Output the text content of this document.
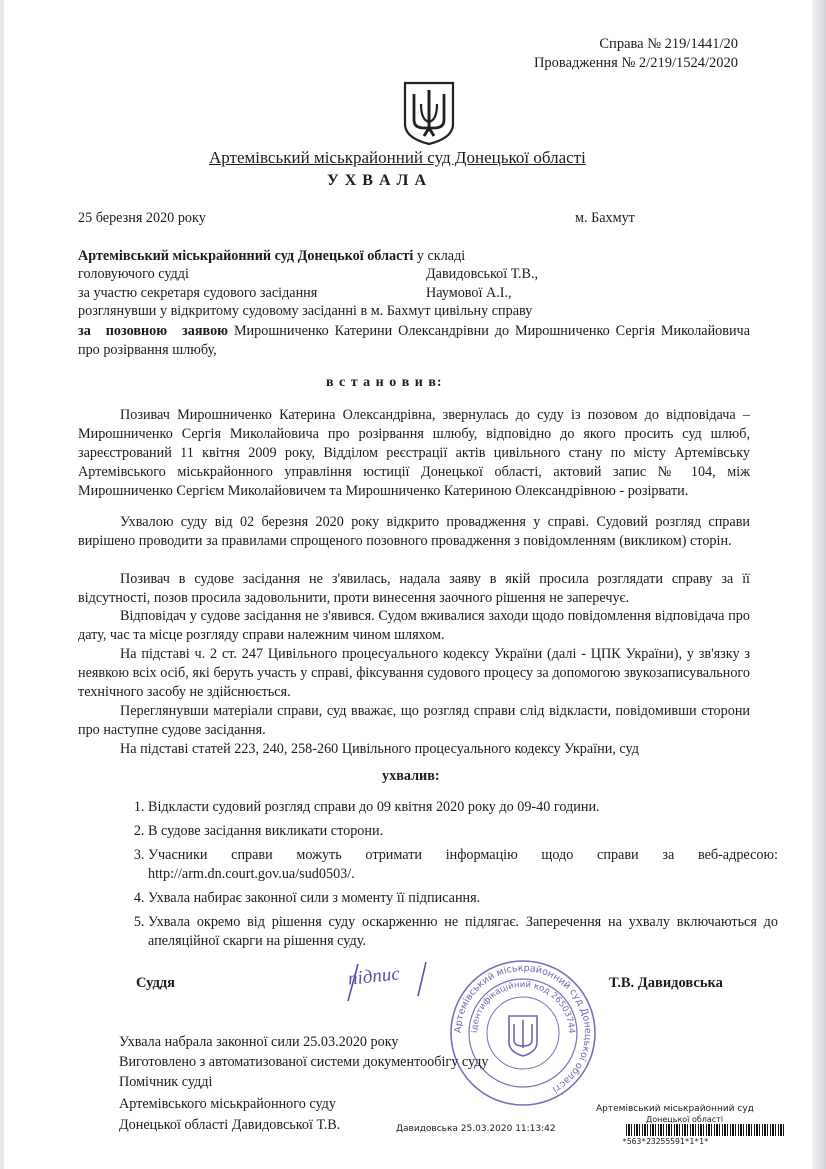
Справа № 219/1441/20
Провадження № 2/219/1524/2020
Артемівський міськрайонний суд Донецької області
У Х В А Л А
25 березня 2020 року	м. Бахмут
Артемівський міськрайонний суд Донецької області у складі
головуючого судді	Давидовської Т.В.,
за участю секретаря судового засідання	Наумової А.І.,
розглянувши у відкритому судовому засіданні в м. Бахмут цивільну справу
за позовною заявою Мирошниченко Катерини Олександрівни до Мирошниченко Сергія Миколайовича про розірвання шлюбу,
в с т а н о в и в:
Позивач Мирошниченко Катерина Олександрівна, звернулась до суду із позовом до відповідача – Мирошниченко Сергія Миколайовича про розірвання шлюбу, відповідно до якого просить суд шлюб, зареєстрований 11 квітня 2009 року, Відділом реєстрації актів цивільного стану по місту Артемівську Артемівського міськрайонного управління юстиції Донецької області, актовий запис № 104, між Мирошниченко Сергієм Миколайовичем та Мирошниченко Катериною Олександрівною - розірвати.
Ухвалою суду від 02 березня 2020 року відкрито провадження у справі. Судовий розгляд справи вирішено проводити за правилами спрощеного позовного провадження з повідомленням (викликом) сторін.
Позивач в судове засідання не з'явилась, надала заяву в якій просила розглядати справу за її відсутності, позов просила задовольнити, проти винесення заочного рішення не заперечує.
Відповідач у судове засідання не з'явився. Судом вживалися заходи щодо повідомлення відповідача про дату, час та місце розгляду справи належним чином шляхом.
На підставі ч. 2 ст. 247 Цивільного процесуального кодексу України (далі - ЦПК України), у зв'язку з неявкою всіх осіб, які беруть участь у справі, фіксування судового процесу за допомогою звукозаписувального технічного засобу не здійснюється.
Переглянувши матеріали справи, суд вважає, що розгляд справи слід відкласти, повідомивши сторони про наступне судове засідання.
На підставі статей 223, 240, 258-260 Цивільного процесуального кодексу України, суд
ухвалив:
1. Відкласти судовий розгляд справи до 09 квітня 2020 року до 09-40 години.
2. В судове засідання викликати сторони.
3. Учасники справи можуть отримати інформацію щодо справи за веб-адресою: http://arm.dn.court.gov.ua/sud0503/.
4. Ухвала набирає законної сили з моменту її підписання.
5. Ухвала окремо від рішення суду оскарженню не підлягає. Заперечення на ухвалу включаються до апеляційної скарги на рішення суду.
Суддя	підпис	Т.В. Давидовська
Артемівський міськрайонний суд Донецької області
ідентифікаційний код 26503744
Ухвала набрала законної сили 25.03.2020 року
Виготовлено з автоматизованої системи документообігу суду
Помічник судді
Артемівського міськрайонного суду
Донецької області Давидовської Т.В.	Давидовська 25.03.2020 11:13:42
Артемівський міськрайонний суд
Донецької області
*563*23255591*1*1*
